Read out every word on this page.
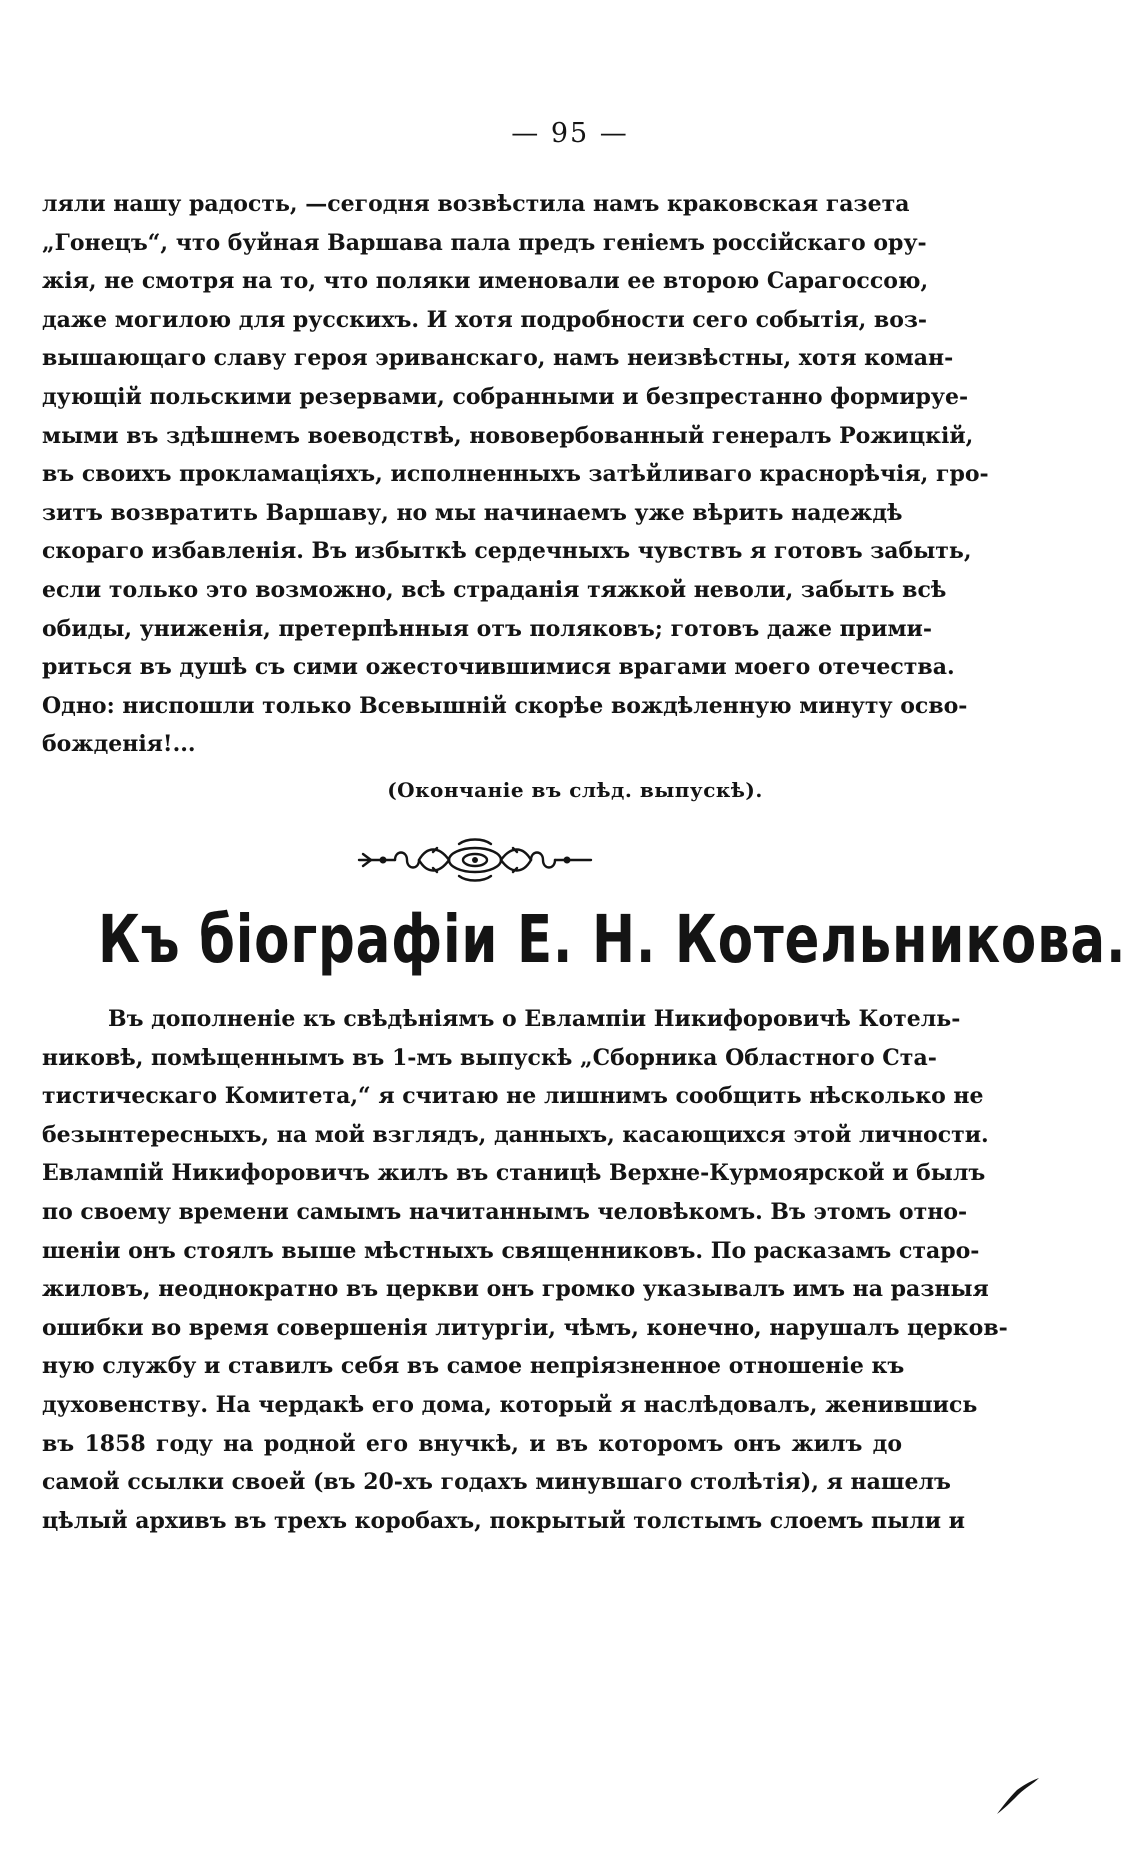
— 95 —
ляли нашу радость, —сегодня возвѣстила намъ краковская газета
„Гонецъ“, что буйная Варшава пала предъ геніемъ россійскаго ору-
жія, не смотря на то, что поляки именовали ее второю Сарагоссою,
даже могилою для русскихъ. И хотя подробности сего событія, воз-
вышающаго славу героя эриванскаго, намъ неизвѣстны, хотя коман-
дующій польскими резервами, собранными и безпрестанно формируе-
мыми въ здѣшнемъ воеводствѣ, нововербованный генералъ Рожицкій,
въ своихъ прокламаціяхъ, исполненныхъ затѣйливаго краснорѣчія, гро-
зитъ возвратить Варшаву, но мы начинаемъ уже вѣрить надеждѣ
скораго избавленія. Въ избыткѣ сердечныхъ чувствъ я готовъ забыть,
если только это возможно, всѣ страданія тяжкой неволи, забыть всѣ
обиды, униженія, претерпѣнныя отъ поляковъ; готовъ даже прими-
риться въ душѣ съ сими ожесточившимися врагами моего отечества.
Одно: ниспошли только Всевышній скорѣе вождѣленную минуту осво-
божденія!...
(Окончаніе въ слѣд. выпускѣ).
Къ біографіи Е. Н. Котельникова.
Въ дополненіе къ свѣдѣніямъ о Евлампіи Никифоровичѣ Котель-
никовѣ, помѣщеннымъ въ 1-мъ выпускѣ „Сборника Областного Ста-
тистическаго Комитета,“ я считаю не лишнимъ сообщить нѣсколько не
безынтересныхъ, на мой взглядъ, данныхъ, касающихся этой личности.
Евлампій Никифоровичъ жилъ въ станицѣ Верхне-Курмоярской и былъ
по своему времени самымъ начитаннымъ человѣкомъ. Въ этомъ отно-
шеніи онъ стоялъ выше мѣстныхъ священниковъ. По расказамъ старо-
жиловъ, неоднократно въ церкви онъ громко указывалъ имъ на разныя
ошибки во время совершенія литургіи, чѣмъ, конечно, нарушалъ церков-
ную службу и ставилъ себя въ самое непріязненное отношеніе къ
духовенству. На чердакѣ его дома, который я наслѣдовалъ, женившись
въ 1858 году на родной его внучкѣ, и въ которомъ онъ жилъ до
самой ссылки своей (въ 20-хъ годахъ минувшаго столѣтія), я нашелъ
цѣлый архивъ въ трехъ коробахъ, покрытый толстымъ слоемъ пыли и
